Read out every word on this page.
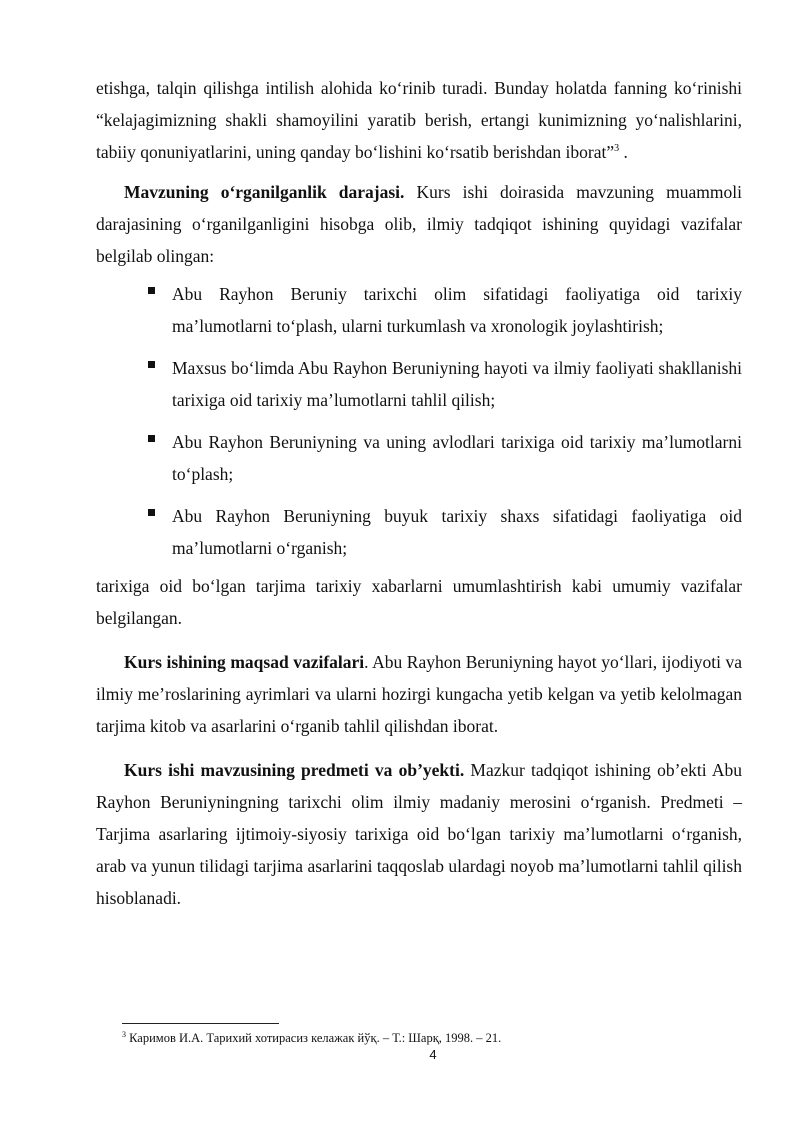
etishga, talqin qilishga intilish alohida ko‘rinib turadi. Bunday holatda fanning ko‘rinishi “kelajagimizning shakli shamoyilini yaratib berish, ertangi kunimizning yo‘nalishlarini, tabiiy qonuniyatlarini, uning qanday bo‘lishini ko‘rsatib berishdan iborat”$^3$ .

Mavzuning o‘rganilganlik darajasi. Kurs ishi doirasida mavzuning muammoli darajasining o‘rganilganligini hisobga olib, ilmiy tadqiqot ishining quyidagi vazifalar belgilab olingan:

Abu Rayhon Beruniy tarixchi olim sifatidagi faoliyatiga oid tarixiy ma’lumotlarni to‘plash, ularni turkumlash va xronologik joylashtirish;
Maxsus bo‘limda Abu Rayhon Beruniyning hayoti va ilmiy faoliyati shakllanishi tarixiga oid tarixiy ma’lumotlarni tahlil qilish;
Abu Rayhon Beruniyning va uning avlodlari tarixiga oid tarixiy ma’lumotlarni to‘plash;
Abu Rayhon Beruniyning buyuk tarixiy shaxs sifatidagi faoliyatiga oid ma’lumotlarni o‘rganish;

tarixiga oid bo‘lgan tarjima tarixiy xabarlarni umumlashtirish kabi umumiy vazifalar belgilangan.

Kurs ishining maqsad vazifalari. Abu Rayhon Beruniyning hayot yo‘llari, ijodiyoti va ilmiy me’roslarining ayrimlari va ularni hozirgi kungacha yetib kelgan va yetib kelolmagan tarjima kitob va asarlarini o‘rganib tahlil qilishdan iborat.

Kurs ishi mavzusining predmeti va ob’yekti. Mazkur tadqiqot ishining ob’ekti Abu Rayhon Beruniyningning tarixchi olim ilmiy madaniy merosini o‘rganish. Predmeti – Tarjima asarlaring ijtimoiy-siyosiy tarixiga oid bo‘lgan tarixiy ma’lumotlarni o‘rganish, arab va yunun tilidagi tarjima asarlarini taqqoslab ulardagi noyob ma’lumotlarni tahlil qilish hisoblanadi.

$^3$ Каримов И.А. Тарихий хотирасиз келажак йўқ. – Т.: Шарқ, 1998. – 21.
4
